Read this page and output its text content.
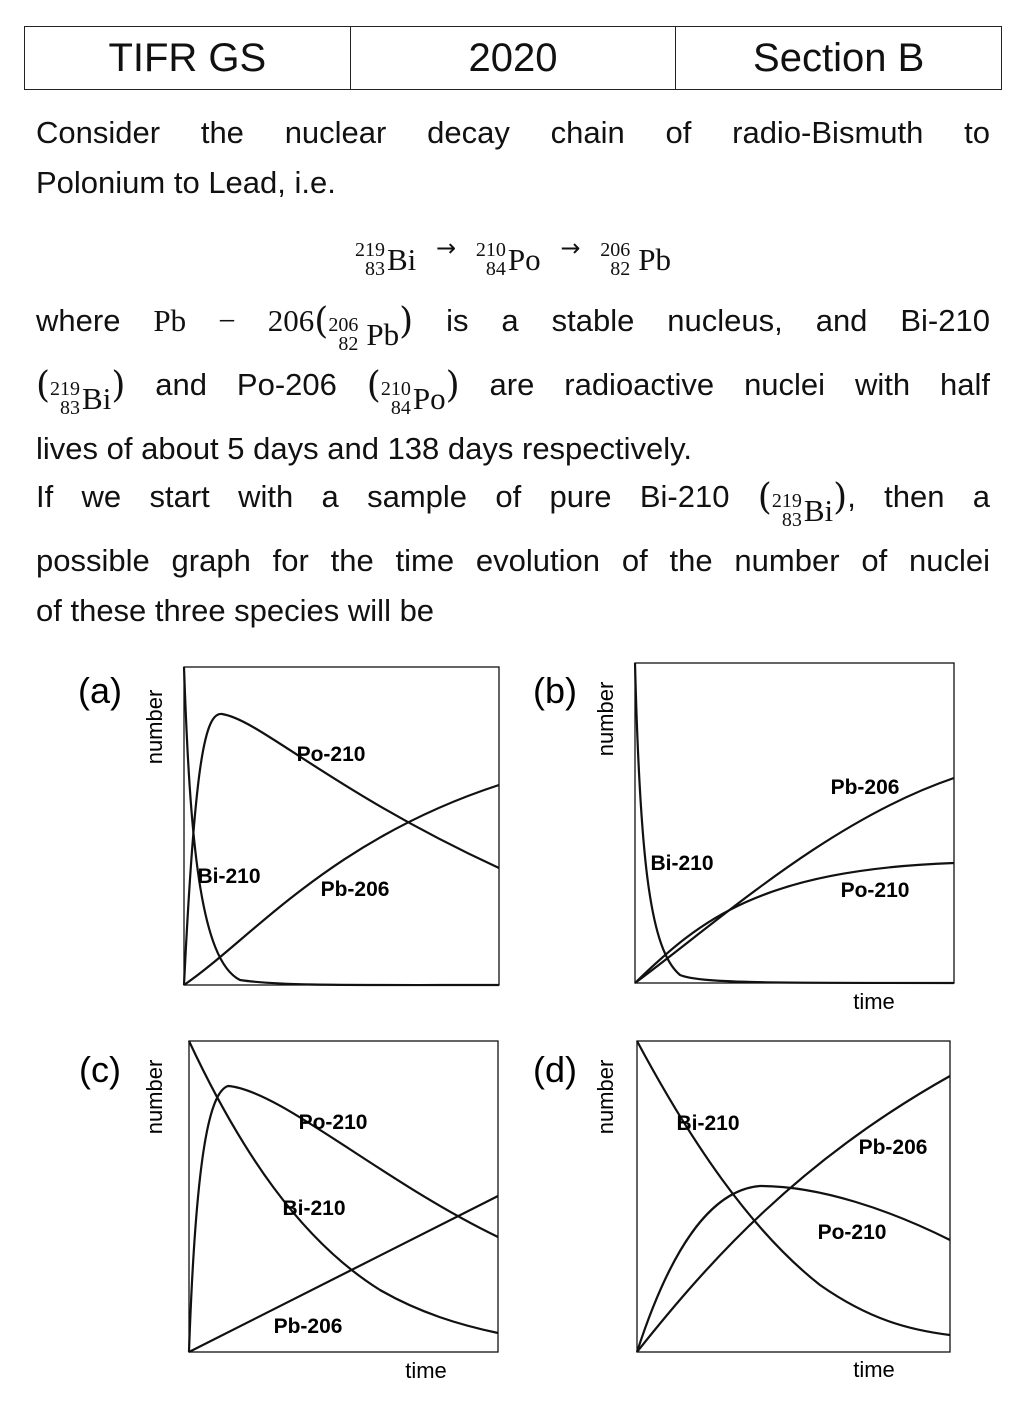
TIFR GS	2020	Section B
Consider the nuclear decay chain of radio-Bismuth to
Polonium to Lead, i.e.
219
83 Bi → 210
84 Po → 206
82 Pb
where Pb − 206( 206
82 Pb ) is a stable nucleus, and Bi-210
( 219
83 Bi ) and Po-206 ( 210
84 Po ) are radioactive nuclei with half
lives of about 5 days and 138 days respectively.
If we start with a sample of pure Bi-210 ( 219
83 Bi ), then a
possible graph for the time evolution of the number of nuclei
of these three species will be
(a) number	Po-210
Bi-210
Pb-206
(b) number
Pb-206
Bi-210
Po-210
time
(c) number	Po-210
Bi-210
Pb-206
time
(d) number	Bi-210
Pb-206
Po-210
time
